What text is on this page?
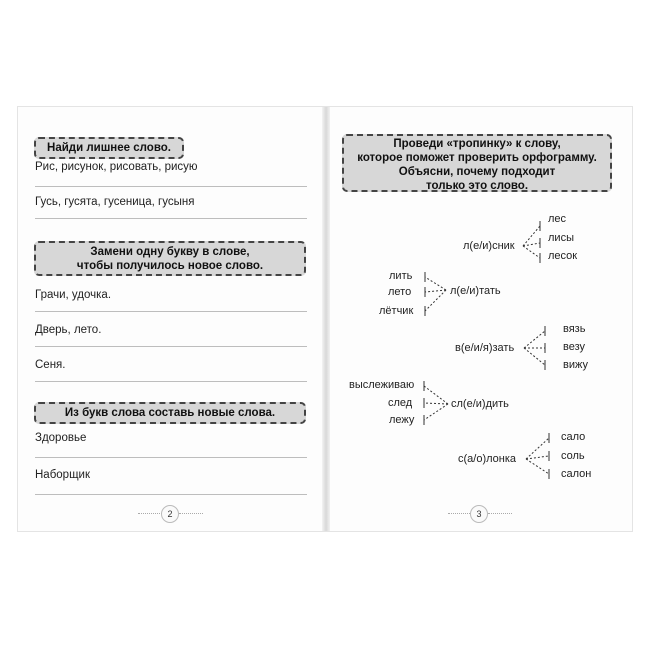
Найди лишнее слово.
Рис, рисунок, рисовать, рисую
Гусь, гусята, гусеница, гусыня
Замени одну букву в слове,
чтобы получилось новое слово.
Грачи, удочка.
Дверь, лето.
Сеня.
Из букв слова составь новые слова.
Здоровье
Наборщик
2
Проведи «тропинку» к слову,
которое поможет проверить орфограмму.
Объясни, почему подходит
только это слово.
л(е/и)сник
лес
лисы
лесок
лить
лето
лётчик
л(е/и)тать
в(е/и/я)зать
вязь
везу
вижу
выслеживаю
след
лежу
сл(е/и)дить
с(а/о)лонка
сало
соль
салон
3
